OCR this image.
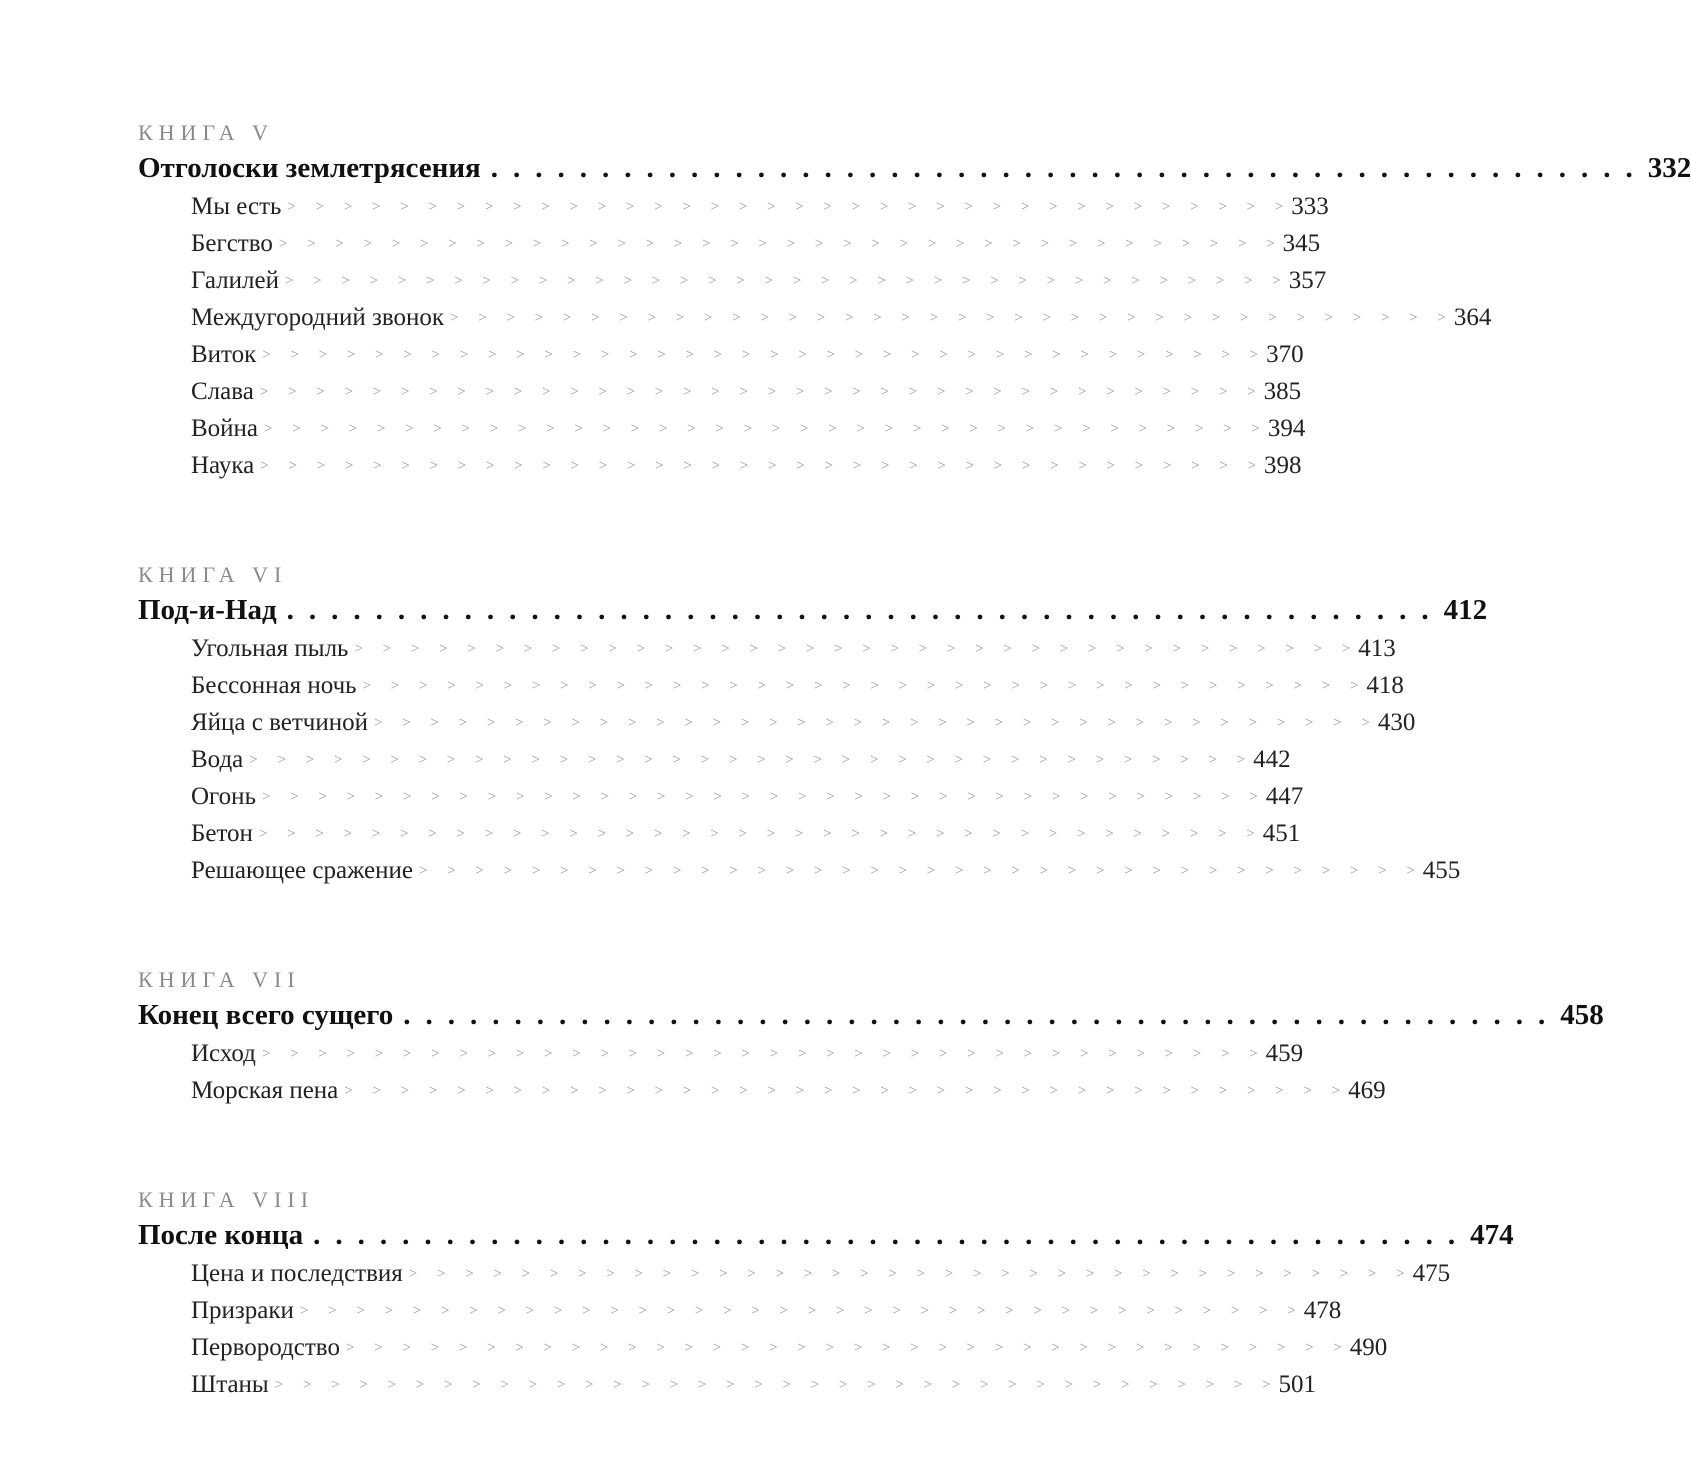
КНИГА V
Отголоски землетрясения .................................................... 332
Мы есть > > > > > > > > > > > > > > > > > > > > > > > > > > > > > > > > > > > > 333
Бегство > > > > > > > > > > > > > > > > > > > > > > > > > > > > > > > > > > > > 345
Галилей > > > > > > > > > > > > > > > > > > > > > > > > > > > > > > > > > > > > 357
Междугородний звонок > > > > > > > > > > > > > > > > > > > > > > > > > > > > > > > > > > > > 364
Виток > > > > > > > > > > > > > > > > > > > > > > > > > > > > > > > > > > > > 370
Слава > > > > > > > > > > > > > > > > > > > > > > > > > > > > > > > > > > > > 385
Война > > > > > > > > > > > > > > > > > > > > > > > > > > > > > > > > > > > > 394
Наука > > > > > > > > > > > > > > > > > > > > > > > > > > > > > > > > > > > > 398
КНИГА VI
Под-и-Над .................................................... 412
Угольная пыль > > > > > > > > > > > > > > > > > > > > > > > > > > > > > > > > > > > > 413
Бессонная ночь > > > > > > > > > > > > > > > > > > > > > > > > > > > > > > > > > > > > 418
Яйца с ветчиной > > > > > > > > > > > > > > > > > > > > > > > > > > > > > > > > > > > > 430
Вода > > > > > > > > > > > > > > > > > > > > > > > > > > > > > > > > > > > > 442
Огонь > > > > > > > > > > > > > > > > > > > > > > > > > > > > > > > > > > > > 447
Бетон > > > > > > > > > > > > > > > > > > > > > > > > > > > > > > > > > > > > 451
Решающее сражение > > > > > > > > > > > > > > > > > > > > > > > > > > > > > > > > > > > > 455
КНИГА VII
Конец всего сущего .................................................... 458
Исход > > > > > > > > > > > > > > > > > > > > > > > > > > > > > > > > > > > > 459
Морская пена > > > > > > > > > > > > > > > > > > > > > > > > > > > > > > > > > > > > 469
КНИГА VIII
После конца .................................................... 474
Цена и последствия > > > > > > > > > > > > > > > > > > > > > > > > > > > > > > > > > > > > 475
Призраки > > > > > > > > > > > > > > > > > > > > > > > > > > > > > > > > > > > > 478
Первородство > > > > > > > > > > > > > > > > > > > > > > > > > > > > > > > > > > > > 490
Штаны > > > > > > > > > > > > > > > > > > > > > > > > > > > > > > > > > > > > 501
